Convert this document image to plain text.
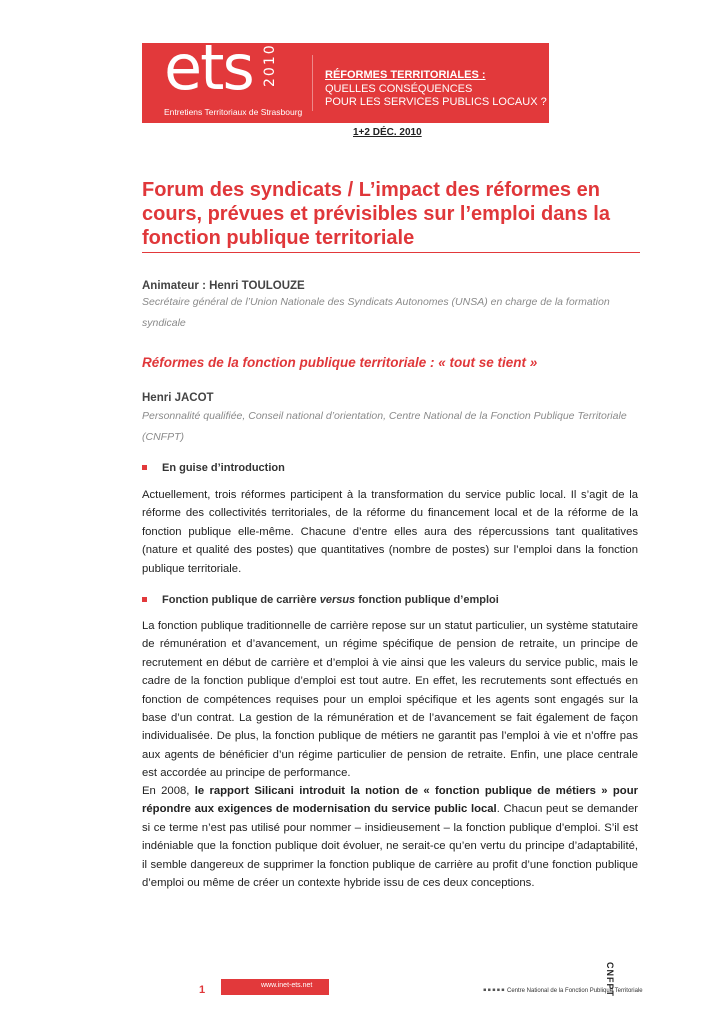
ets 2010
Entretiens Territoriaux de Strasbourg
RÉFORMES TERRITORIALES :
QUELLES CONSÉQUENCES
POUR LES SERVICES PUBLICS LOCAUX ?
1+2 DÉC. 2010
Forum des syndicats / L’impact des réformes en cours, prévues et prévisibles sur l’emploi dans la fonction publique territoriale
Animateur : Henri TOULOUZE
Secrétaire général de l’Union Nationale des Syndicats Autonomes (UNSA) en charge de la formation syndicale
Réformes de la fonction publique territoriale : « tout se tient »
Henri JACOT
Personnalité qualifiée, Conseil national d’orientation, Centre National de la Fonction Publique Territoriale (CNFPT)
En guise d’introduction

Actuellement, trois réformes participent à la transformation du service public local. Il s’agit de la réforme des collectivités territoriales, de la réforme du financement local et de la réforme de la fonction publique elle-même. Chacune d’entre elles aura des répercussions tant qualitatives (nature et qualité des postes) que quantitatives (nombre de postes) sur l’emploi dans la fonction publique territoriale.

Fonction publique de carrière versus fonction publique d’emploi

La fonction publique traditionnelle de carrière repose sur un statut particulier, un système statutaire de rémunération et d’avancement, un régime spécifique de pension de retraite, un principe de recrutement en début de carrière et d’emploi à vie ainsi que les valeurs du service public, mais le cadre de la fonction publique d’emploi est tout autre. En effet, les recrutements sont effectués en fonction de compétences requises pour un emploi spécifique et les agents sont engagés sur la base d’un contrat. La gestion de la rémunération et de l’avancement se fait également de façon individualisée. De plus, la fonction publique de métiers ne garantit pas l’emploi à vie et n’offre pas aux agents de bénéficier d’un régime particulier de pension de retraite. Enfin, une place centrale est accordée au principe de performance.

En 2008, le rapport Silicani introduit la notion de « fonction publique de métiers » pour répondre aux exigences de modernisation du service public local. Chacun peut se demander si ce terme n’est pas utilisé pour nommer – insidieusement – la fonction publique d’emploi. S’il est indéniable que la fonction publique doit évoluer, ne serait-ce qu’en vertu du principe d’adaptabilité, il semble dangereux de supprimer la fonction publique de carrière au profit d’une fonction publique d’emploi ou même de créer un contexte hybride issu de ces deux conceptions.

1	www.inet-ets.net	▪▪▪▪▪ Centre National de la Fonction Publique Territoriale
CNFPT
